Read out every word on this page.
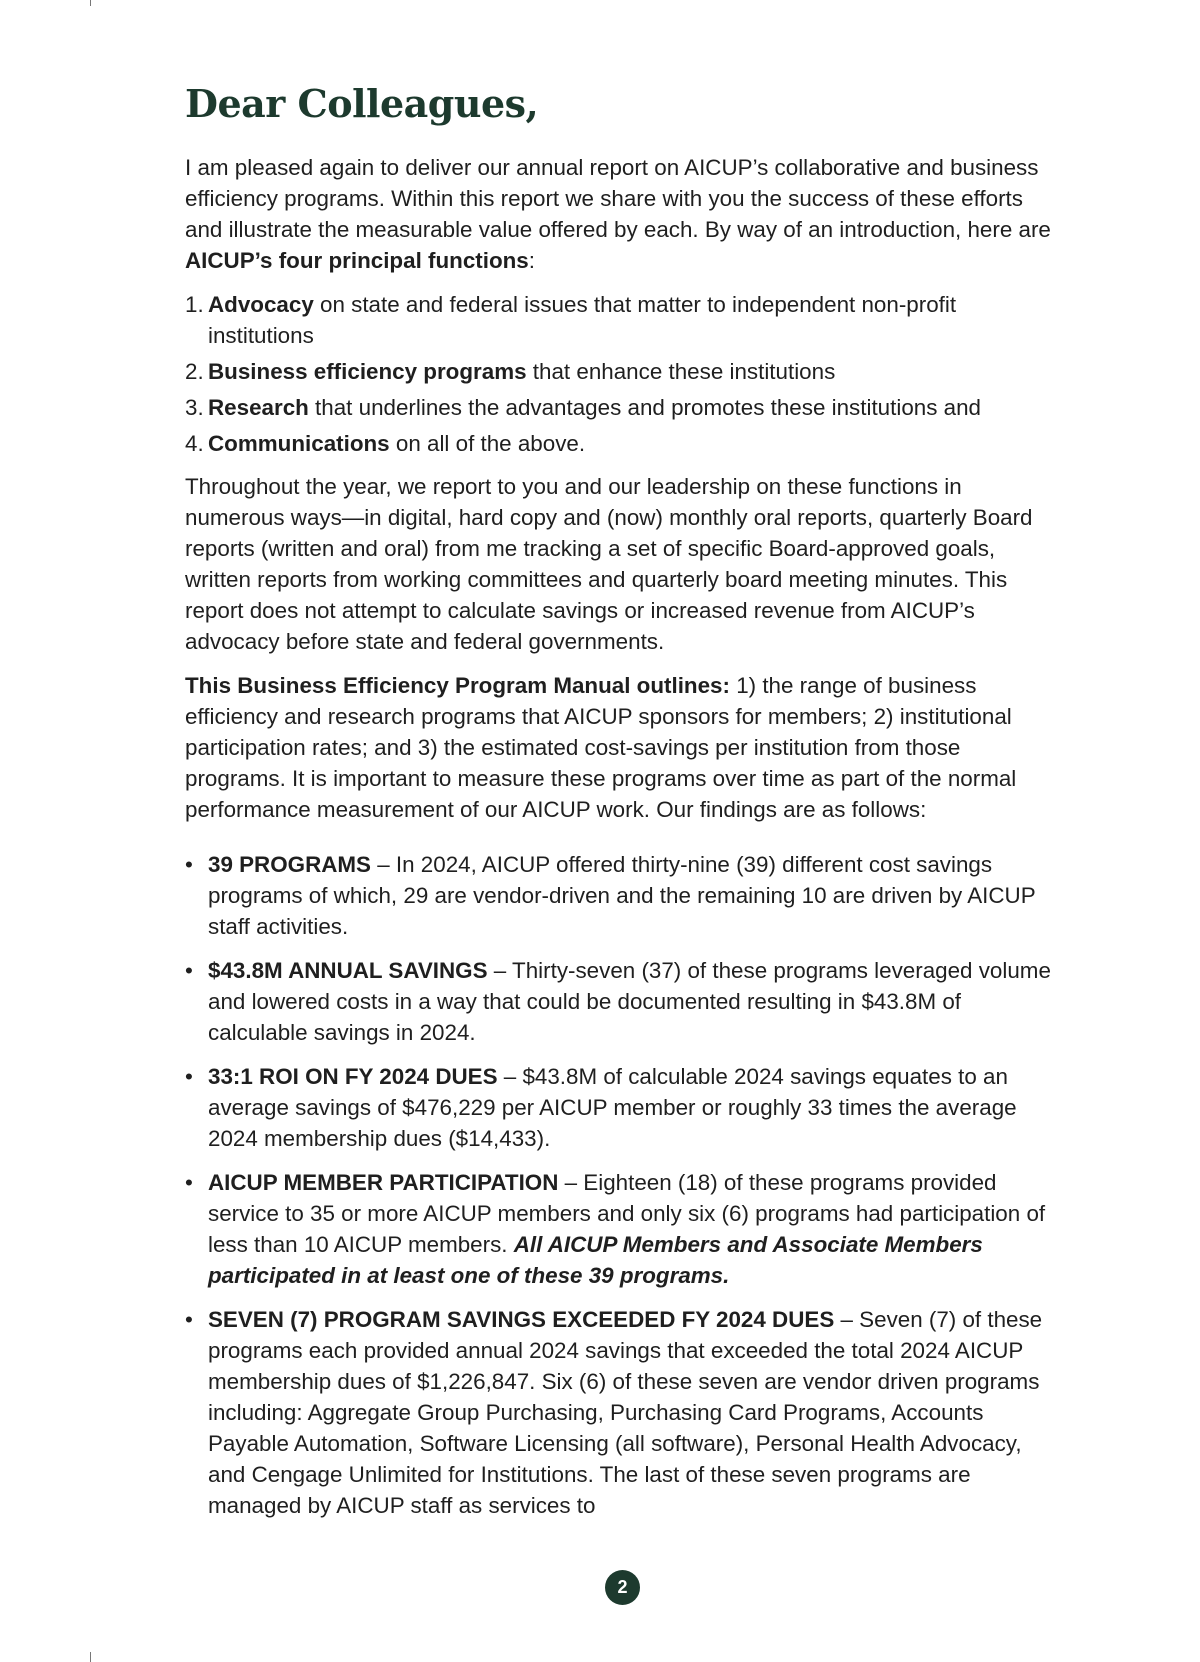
Dear Colleagues,

I am pleased again to deliver our annual report on AICUP’s collaborative and business efficiency programs. Within this report we share with you the success of these efforts and illustrate the measurable value offered by each. By way of an introduction, here are AICUP’s four principal functions:

1. Advocacy on state and federal issues that matter to independent non-profit institutions
2. Business efficiency programs that enhance these institutions
3. Research that underlines the advantages and promotes these institutions and
4. Communications on all of the above.

Throughout the year, we report to you and our leadership on these functions in numerous ways—in digital, hard copy and (now) monthly oral reports, quarterly Board reports (written and oral) from me tracking a set of specific Board-approved goals, written reports from working committees and quarterly board meeting minutes. This report does not attempt to calculate savings or increased revenue from AICUP’s advocacy before state and federal governments.

This Business Efficiency Program Manual outlines: 1) the range of business efficiency and research programs that AICUP sponsors for members; 2) institutional participation rates; and 3) the estimated cost-savings per institution from those programs. It is important to measure these programs over time as part of the normal performance measurement of our AICUP work. Our findings are as follows:

• 39 PROGRAMS – In 2024, AICUP offered thirty-nine (39) different cost savings programs of which, 29 are vendor-driven and the remaining 10 are driven by AICUP staff activities.
• $43.8M ANNUAL SAVINGS – Thirty-seven (37) of these programs leveraged volume and lowered costs in a way that could be documented resulting in $43.8M of calculable savings in 2024.
• 33:1 ROI ON FY 2024 DUES – $43.8M of calculable 2024 savings equates to an average savings of $476,229 per AICUP member or roughly 33 times the average 2024 membership dues ($14,433).
• AICUP MEMBER PARTICIPATION – Eighteen (18) of these programs provided service to 35 or more AICUP members and only six (6) programs had participation of less than 10 AICUP members. All AICUP Members and Associate Members participated in at least one of these 39 programs.
• SEVEN (7) PROGRAM SAVINGS EXCEEDED FY 2024 DUES – Seven (7) of these programs each provided annual 2024 savings that exceeded the total 2024 AICUP membership dues of $1,226,847. Six (6) of these seven are vendor driven programs including: Aggregate Group Purchasing, Purchasing Card Programs, Accounts Payable Automation, Software Licensing (all software), Personal Health Advocacy, and Cengage Unlimited for Institutions. The last of these seven programs are managed by AICUP staff as services to
2
